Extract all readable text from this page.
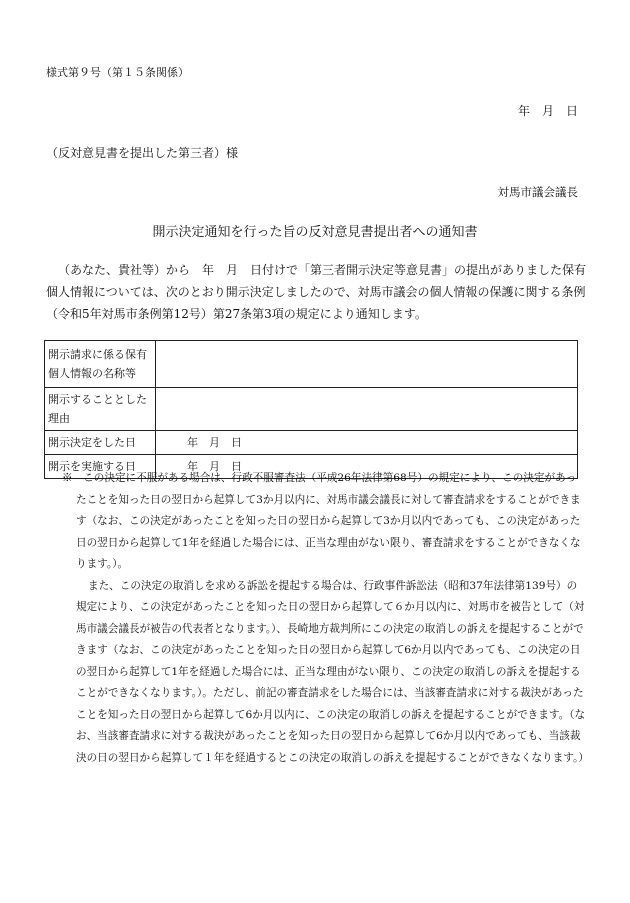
様式第９号（第１５条関係）
年　月　日
（反対意見書を提出した第三者）様
対馬市議会議長
開示決定通知を行った旨の反対意見書提出者への通知書
（あなた、貴社等）から　年　月　日付けで「第三者開示決定等意見書」の提出がありました保有個人情報については、次のとおり開示決定しましたので、対馬市議会の個人情報の保護に関する条例（令和5年対馬市条例第12号）第27条第3項の規定により通知します。
開示請求に係る保有個人情報の名称等	
開示することとした理由	
開示決定をした日	年　月　日
開示を実施する日	年　月　日

※　この決定に不服がある場合は、行政不服審査法（平成26年法律第68号）の規定により、この決定があったことを知った日の翌日から起算して3か月以内に、対馬市議会議長に対して審査請求をすることができます（なお、この決定があったことを知った日の翌日から起算して3か月以内であっても、この決定があった日の翌日から起算して1年を経過した場合には、正当な理由がない限り、審査請求をすることができなくなります。）。

また、この決定の取消しを求める訴訟を提起する場合は、行政事件訴訟法（昭和37年法律第139号）の規定により、この決定があったことを知った日の翌日から起算して６か月以内に、対馬市を被告として（対馬市議会議長が被告の代表者となります。）、長崎地方裁判所にこの決定の取消しの訴えを提起することができます（なお、この決定があったことを知った日の翌日から起算して6か月以内であっても、この決定の日の翌日から起算して1年を経過した場合には、正当な理由がない限り、この決定の取消しの訴えを提起することができなくなります。）。ただし、前記の審査請求をした場合には、当該審査請求に対する裁決があったことを知った日の翌日から起算して6か月以内に、この決定の取消しの訴えを提起することができます。（なお、当該審査請求に対する裁決があったことを知った日の翌日から起算して6か月以内であっても、当該裁決の日の翌日から起算して１年を経過するとこの決定の取消しの訴えを提起することができなくなります。）
